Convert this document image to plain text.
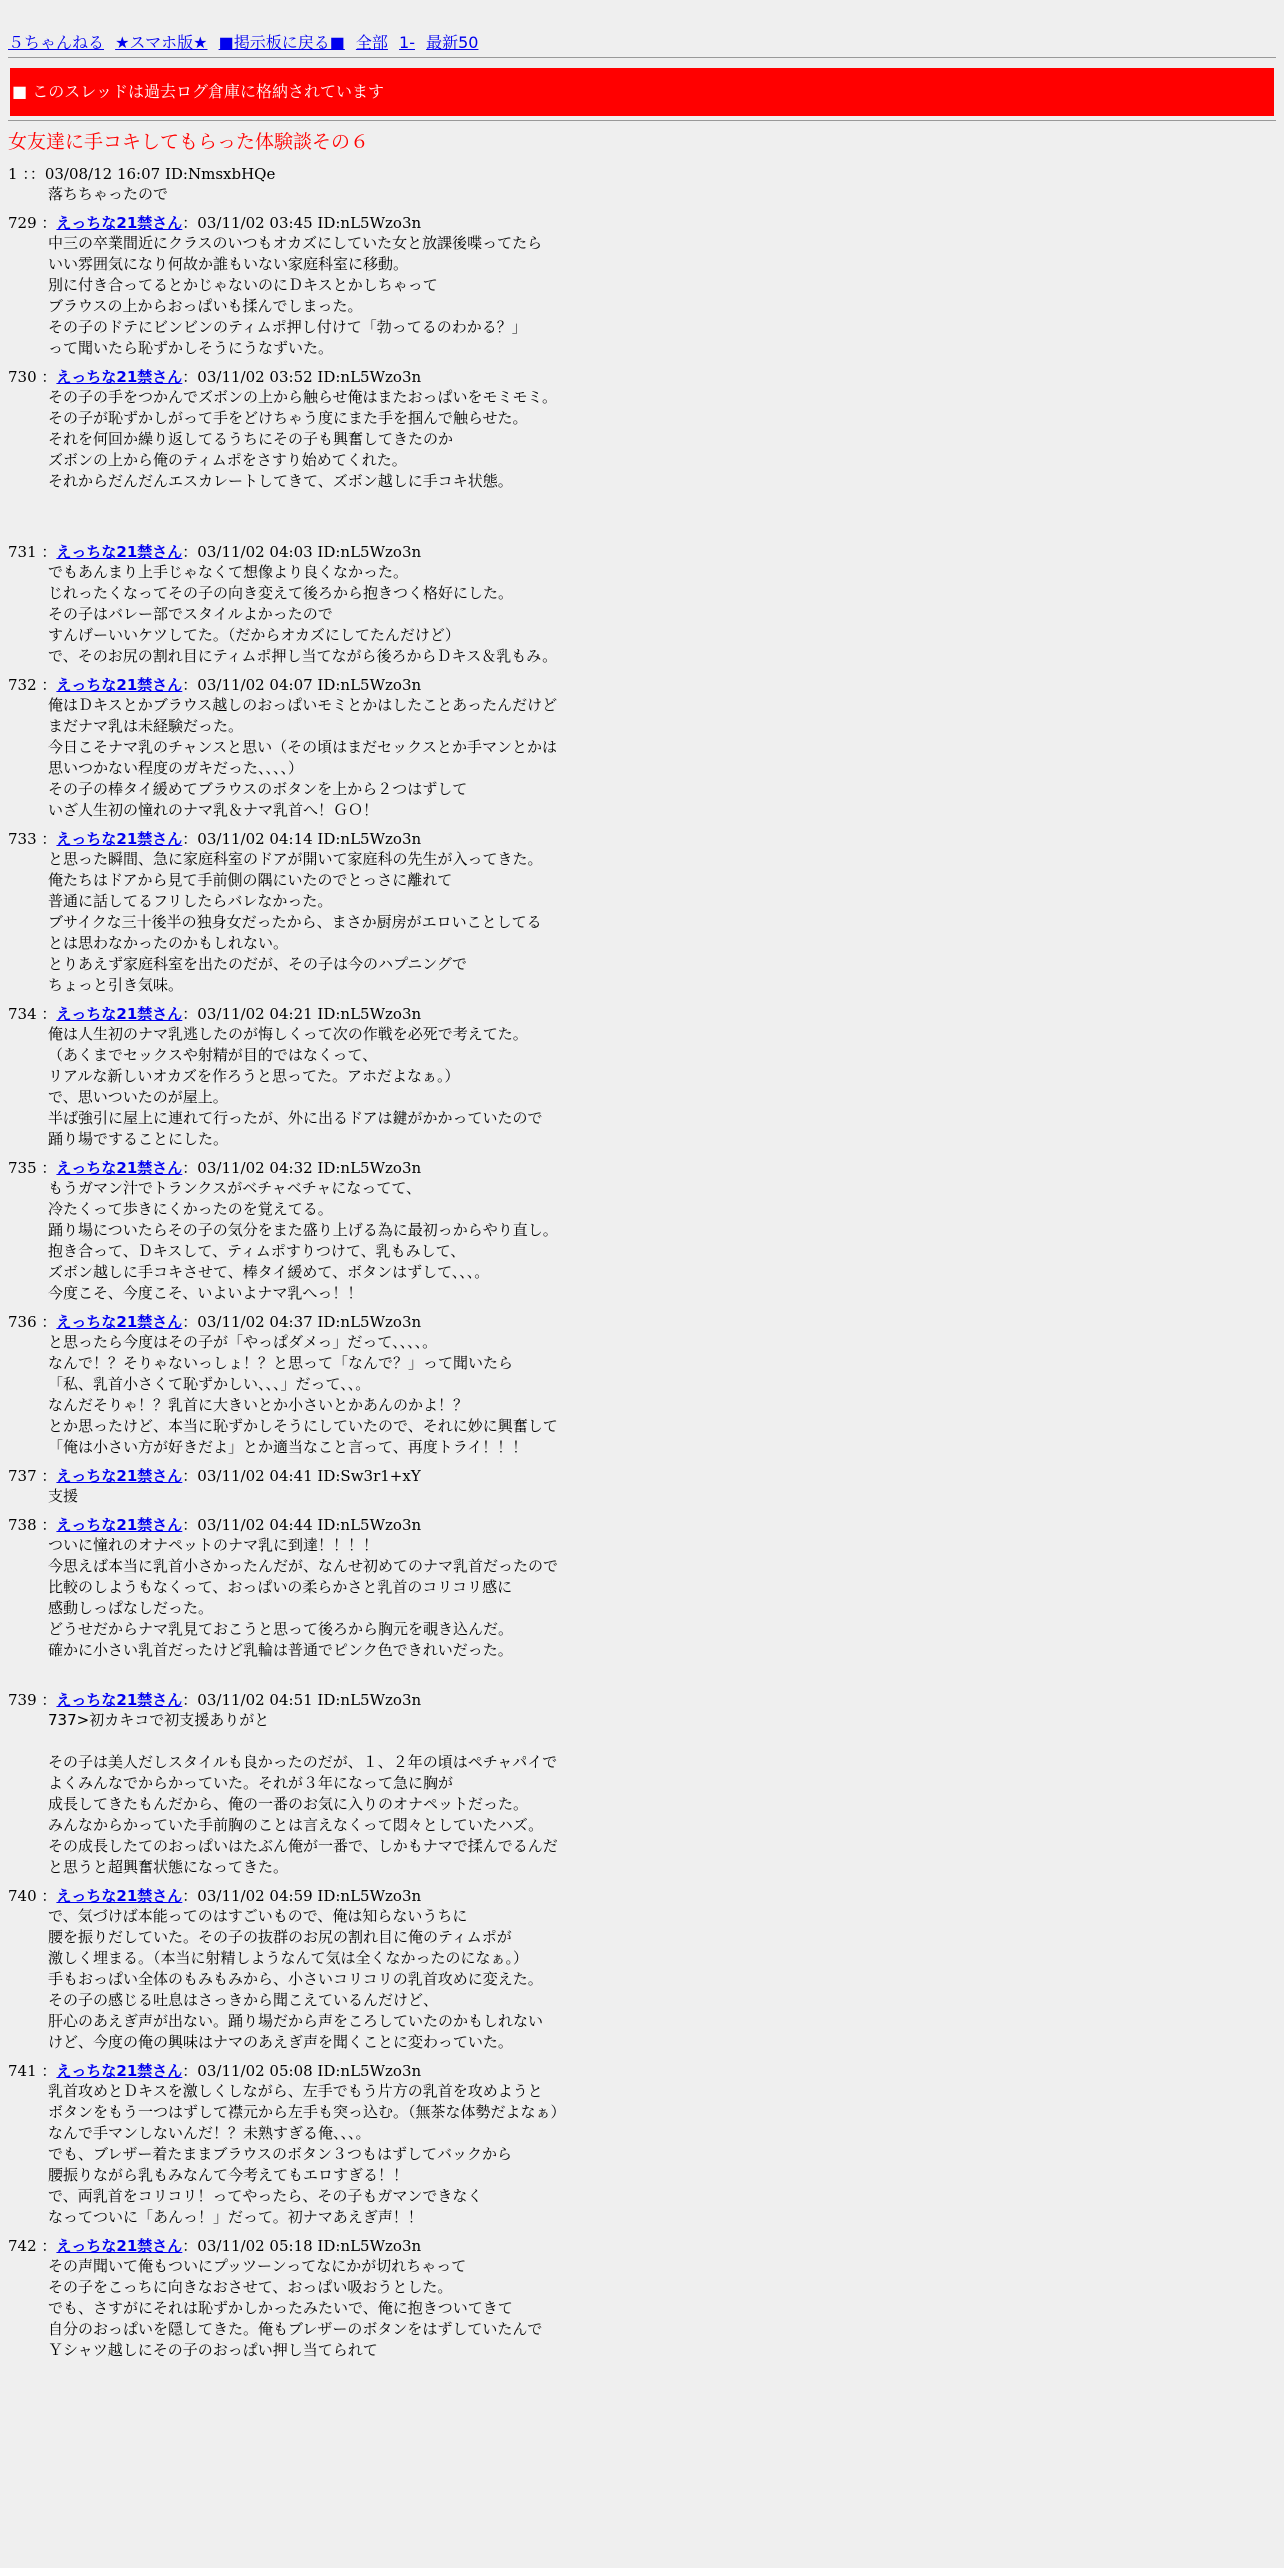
５ちゃんねる ★スマホ版★ ■掲示板に戻る■ 全部 1- 最新50
■ このスレッドは過去ログ倉庫に格納されています
女友達に手コキしてもらった体験談その６
1 ：：03/08/12 16:07 ID:NmsxbHQe
落ちちゃったので
729 ：えっちな21禁さん：03/11/02 03:45 ID:nL5Wzo3n
中三の卒業間近にクラスのいつもオカズにしていた女と放課後喋ってたら
いい雰囲気になり何故か誰もいない家庭科室に移動。
別に付き合ってるとかじゃないのにＤキスとかしちゃって
ブラウスの上からおっぱいも揉んでしまった。
その子のドテにビンビンのティムポ押し付けて「勃ってるのわかる？」
って聞いたら恥ずかしそうにうなずいた。

730 ：えっちな21禁さん：03/11/02 03:52 ID:nL5Wzo3n
その子の手をつかんでズボンの上から触らせ俺はまたおっぱいをモミモミ。
その子が恥ずかしがって手をどけちゃう度にまた手を掴んで触らせた。
それを何回か繰り返してるうちにその子も興奮してきたのか
ズボンの上から俺のティムポをさすり始めてくれた。
それからだんだんエスカレートしてきて、ズボン越しに手コキ状態。

731 ：えっちな21禁さん：03/11/02 04:03 ID:nL5Wzo3n
でもあんまり上手じゃなくて想像より良くなかった。
じれったくなってその子の向き変えて後ろから抱きつく格好にした。
その子はバレー部でスタイルよかったので
すんげーいいケツしてた。（だからオカズにしてたんだけど）
で、そのお尻の割れ目にティムポ押し当てながら後ろからＤキス＆乳もみ。
732 ：えっちな21禁さん：03/11/02 04:07 ID:nL5Wzo3n
俺はＤキスとかブラウス越しのおっぱいモミとかはしたことあったんだけど
まだナマ乳は未経験だった。
今日こそナマ乳のチャンスと思い（その頃はまだセックスとか手マンとかは
思いつかない程度のガキだった、、、、）
その子の棒タイ緩めてブラウスのボタンを上から２つはずして
いざ人生初の憧れのナマ乳＆ナマ乳首へ！ＧＯ！

733 ：えっちな21禁さん：03/11/02 04:14 ID:nL5Wzo3n
と思った瞬間、急に家庭科室のドアが開いて家庭科の先生が入ってきた。
俺たちはドアから見て手前側の隅にいたのでとっさに離れて
普通に話してるフリしたらバレなかった。
ブサイクな三十後半の独身女だったから、まさか厨房がエロいことしてる
とは思わなかったのかもしれない。
とりあえず家庭科室を出たのだが、その子は今のハプニングで
ちょっと引き気味。
734 ：えっちな21禁さん：03/11/02 04:21 ID:nL5Wzo3n
俺は人生初のナマ乳逃したのが悔しくって次の作戦を必死で考えてた。
（あくまでセックスや射精が目的ではなくって、
リアルな新しいオカズを作ろうと思ってた。アホだよなぁ。）
で、思いついたのが屋上。
半ば強引に屋上に連れて行ったが、外に出るドアは鍵がかかっていたので
踊り場ですることにした。

735 ：えっちな21禁さん：03/11/02 04:32 ID:nL5Wzo3n
もうガマン汁でトランクスがベチャベチャになってて、
冷たくって歩きにくかったのを覚えてる。
踊り場についたらその子の気分をまた盛り上げる為に最初っからやり直し。
抱き合って、Ｄキスして、ティムポすりつけて、乳もみして、
ズボン越しに手コキさせて、棒タイ緩めて、ボタンはずして、、、。
今度こそ、今度こそ、いよいよナマ乳へっ！！
736 ：えっちな21禁さん：03/11/02 04:37 ID:nL5Wzo3n
と思ったら今度はその子が「やっぱダメっ」だって、、、、。
なんで！？そりゃないっしょ！？と思って「なんで？」って聞いたら
「私、乳首小さくて恥ずかしい、、、」だって、、。
なんだそりゃ！？乳首に大きいとか小さいとかあんのかよ！？
とか思ったけど、本当に恥ずかしそうにしていたので、それに妙に興奮して
「俺は小さい方が好きだよ」とか適当なこと言って、再度トライ！！！
737 ：えっちな21禁さん：03/11/02 04:41 ID:Sw3r1+xY
支援
738 ：えっちな21禁さん：03/11/02 04:44 ID:nL5Wzo3n
ついに憧れのオナペットのナマ乳に到達！！！！
今思えば本当に乳首小さかったんだが、なんせ初めてのナマ乳首だったので
比較のしようもなくって、おっぱいの柔らかさと乳首のコリコリ感に
感動しっぱなしだった。
どうせだからナマ乳見ておこうと思って後ろから胸元を覗き込んだ。
確かに小さい乳首だったけど乳輪は普通でピンク色できれいだった。

739 ：えっちな21禁さん：03/11/02 04:51 ID:nL5Wzo3n
737>初カキコで初支援ありがと

その子は美人だしスタイルも良かったのだが、１、２年の頃はペチャパイで
よくみんなでからかっていた。それが３年になって急に胸が
成長してきたもんだから、俺の一番のお気に入りのオナペットだった。
みんなからかっていた手前胸のことは言えなくって悶々としていたハズ。
その成長したてのおっぱいはたぶん俺が一番で、しかもナマで揉んでるんだ
と思うと超興奮状態になってきた。
740 ：えっちな21禁さん：03/11/02 04:59 ID:nL5Wzo3n
で、気づけば本能ってのはすごいもので、俺は知らないうちに
腰を振りだしていた。その子の抜群のお尻の割れ目に俺のティムポが
激しく埋まる。（本当に射精しようなんて気は全くなかったのになぁ。）
手もおっぱい全体のもみもみから、小さいコリコリの乳首攻めに変えた。
その子の感じる吐息はさっきから聞こえているんだけど、
肝心のあえぎ声が出ない。踊り場だから声をころしていたのかもしれない
けど、今度の俺の興味はナマのあえぎ声を聞くことに変わっていた。
741 ：えっちな21禁さん：03/11/02 05:08 ID:nL5Wzo3n
乳首攻めとＤキスを激しくしながら、左手でもう片方の乳首を攻めようと
ボタンをもう一つはずして襟元から左手も突っ込む。（無茶な体勢だよなぁ）
なんで手マンしないんだ！？未熟すぎる俺、、、。
でも、ブレザー着たままブラウスのボタン３つもはずしてバックから
腰振りながら乳もみなんて今考えてもエロすぎる！！
で、両乳首をコリコリ！ってやったら、その子もガマンできなく
なってついに「あんっ！」だって。初ナマあえぎ声！！
742 ：えっちな21禁さん：03/11/02 05:18 ID:nL5Wzo3n
その声聞いて俺もついにプッツーンってなにかが切れちゃって
その子をこっちに向きなおさせて、おっぱい吸おうとした。
でも、さすがにそれは恥ずかしかったみたいで、俺に抱きついてきて
自分のおっぱいを隠してきた。俺もブレザーのボタンをはずしていたんで
Ｙシャツ越しにその子のおっぱい押し当てられて
